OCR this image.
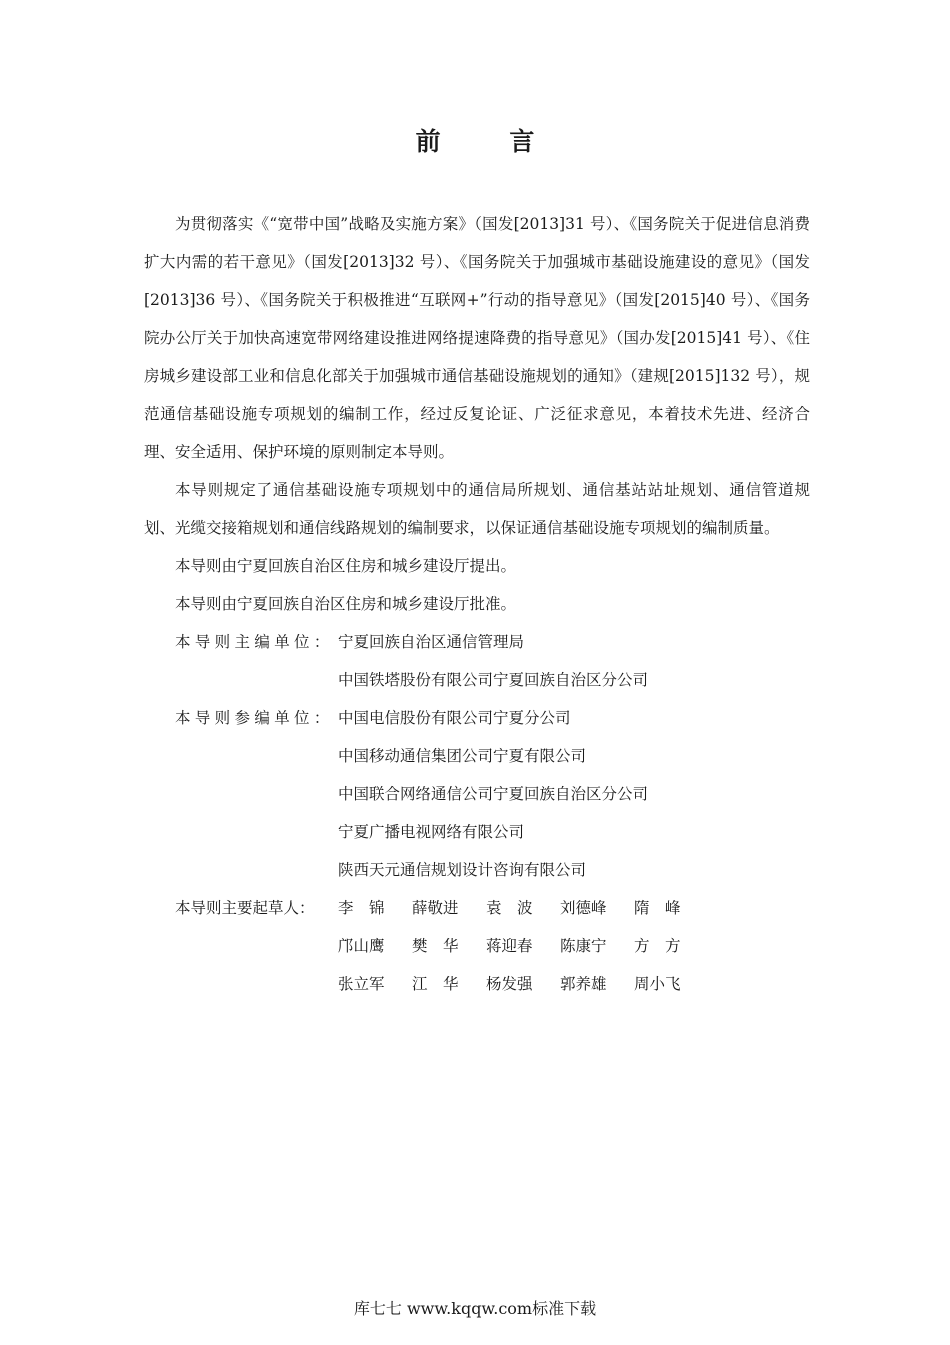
前 言

为贯彻落实《“宽带中国”战略及实施方案》（国发[2013]31 号）、《国务院关于促进信息消费扩大内需的若干意见》（国发[2013]32 号）、《国务院关于加强城市基础设施建设的意见》（国发[2013]36 号）、《国务院关于积极推进“互联网+”行动的指导意见》（国发[2015]40 号）、《国务院办公厅关于加快高速宽带网络建设推进网络提速降费的指导意见》（国办发[2015]41 号）、《住房城乡建设部工业和信息化部关于加强城市通信基础设施规划的通知》（建规[2015]132 号），规范通信基础设施专项规划的编制工作，经过反复论证、广泛征求意见，本着技术先进、经济合理、安全适用、保护环境的原则制定本导则。

本导则规定了通信基础设施专项规划中的通信局所规划、通信基站站址规划、通信管道规划、光缆交接箱规划和通信线路规划的编制要求，以保证通信基础设施专项规划的编制质量。

本导则由宁夏回族自治区住房和城乡建设厅提出。

本导则由宁夏回族自治区住房和城乡建设厅批准。

本导则主编单位： 宁夏回族自治区通信管理局
中国铁塔股份有限公司宁夏回族自治区分公司
本导则参编单位： 中国电信股份有限公司宁夏分公司
中国移动通信集团公司宁夏有限公司
中国联合网络通信公司宁夏回族自治区分公司
宁夏广播电视网络有限公司
陕西天元通信规划设计咨询有限公司
本导则主要起草人：	李　锦	薛敬进	袁　波	刘德峰	隋　峰
邝山鹰	樊　华	蒋迎春	陈康宁	方　方
张立军	江　华	杨发强	郭养雄	周小飞
库七七 www.kqqw.com标准下载
